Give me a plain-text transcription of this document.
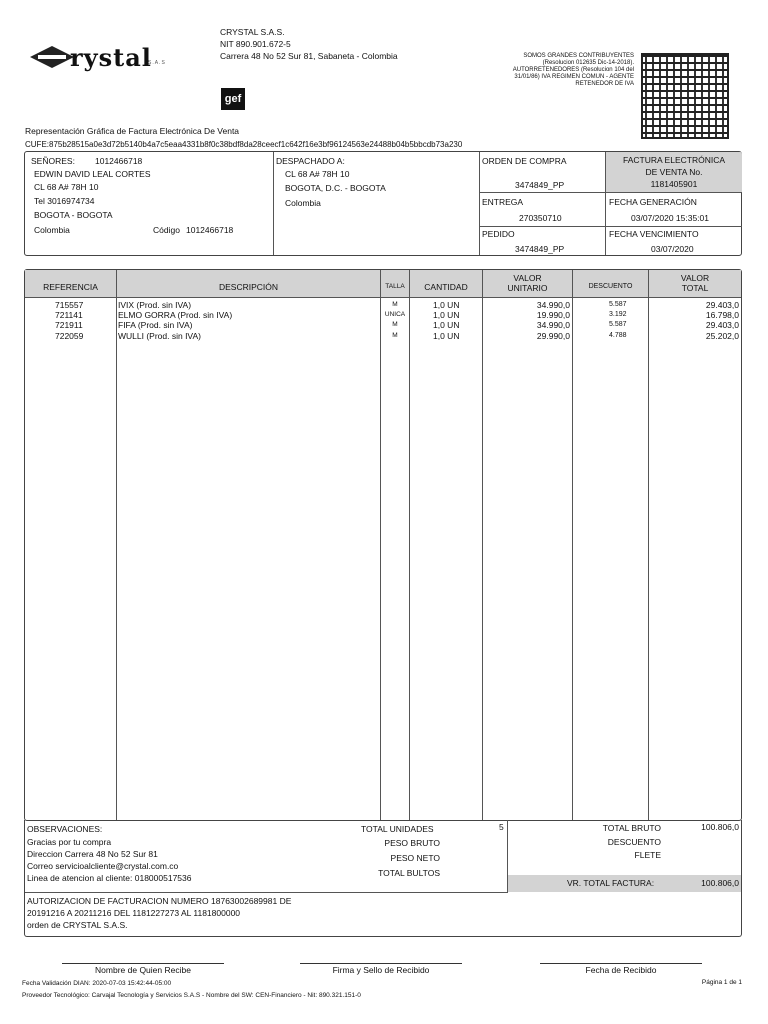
rystal
S.A.S
CRYSTAL S.A.S.
NIT 890.901.672-5
Carrera 48 No 52 Sur 81, Sabaneta - Colombia
gef
SOMOS GRANDES CONTRIBUYENTES
(Resolucion 012635 Dic-14-2018).
AUTORRETENEDORES (Resolucion 104 del
31/01/86) IVA REGIMEN COMUN - AGENTE
RETENEDOR DE IVA
Representación Gráfica de Factura Electrónica De Venta
CUFE:875b28515a0e3d72b5140b4a7c5eaa4331b8f0c38bdf8da28ceecf1c642f16e3bf96124563e24488b04b5bbcdb73a230
SEÑORES: 1012466718
EDWIN DAVID LEAL CORTES
CL 68 A# 78H 10
Tel 3016974734
BOGOTA - BOGOTA
Colombia	Código 1012466718
DESPACHADO A:
CL 68 A# 78H 10
BOGOTA, D.C. - BOGOTA
Colombia
ORDEN DE COMPRA
3474849_PP
ENTREGA
270350710
PEDIDO
3474849_PP
FACTURA ELECTRÓNICA
DE VENTA No.
1181405901
FECHA GENERACIÓN
03/07/2020 15:35:01
FECHA VENCIMIENTO
03/07/2020
REFERENCIA	DESCRIPCIÓN	TALLA	CANTIDAD
VALOR
UNITARIO	DESCUENTO
VALOR
TOTAL
715557	IVIX (Prod. sin IVA)	M	1,0 UN	34.990,0	5.587	29.403,0
721141	ELMO GORRA (Prod. sin IVA)	UNICA	1,0 UN	19.990,0	3.192	16.798,0
721911	FIFA (Prod. sin IVA)	M	1,0 UN	34.990,0	5.587	29.403,0
722059	WULLI (Prod. sin IVA)	M	1,0 UN	29.990,0	4.788	25.202,0
OBSERVACIONES:
Gracias por tu compra
Direccion Carrera 48 No 52 Sur 81
Correo servicioalcliente@crystal.com.co
Linea de atencion al cliente: 018000517536
TOTAL UNIDADES	5
PESO BRUTO
PESO NETO
TOTAL BULTOS
TOTAL BRUTO	100.806,0
DESCUENTO
FLETE
VR. TOTAL FACTURA:	100.806,0
AUTORIZACION DE FACTURACION NUMERO 18763002689981 DE
20191216 A 20211216 DEL 1181227273 AL 1181800000
orden de CRYSTAL S.A.S.
Nombre de Quien Recibe	Firma y Sello de Recibido	Fecha de Recibido
Fecha Validación DIAN: 2020-07-03 15:42:44-05:00
Proveedor Tecnológico: Carvajal Tecnología y Servicios S.A.S - Nombre del SW: CEN-Financiero - Nit: 890.321.151-0
Página 1 de 1
